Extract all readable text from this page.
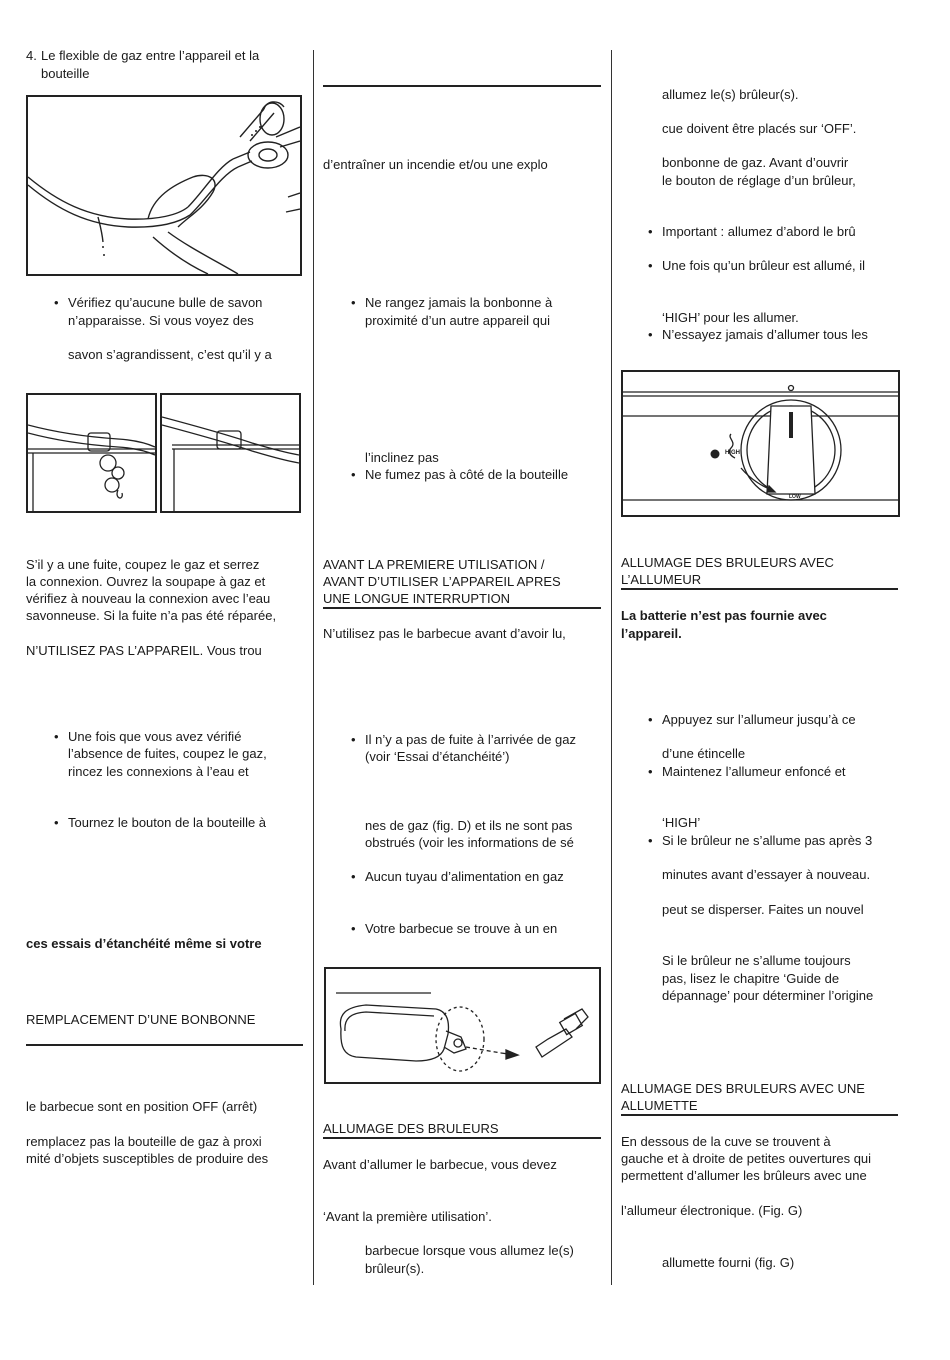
4. Le flexible de gaz entre l’appareil et la
bouteille
• Vérifiez qu’aucune bulle de savon
n’apparaisse. Si vous voyez des
savon s’agrandissent, c’est qu’il y a
S’il y a une fuite, coupez le gaz et serrez
la connexion. Ouvrez la soupape à gaz et
vérifiez à nouveau la connexion avec l’eau
savonneuse. Si la fuite n’a pas été réparée,
N’UTILISEZ PAS L’APPAREIL. Vous trou
• Une fois que vous avez vérifié
l’absence de fuites, coupez le gaz,
rincez les connexions à l’eau et
• Tournez le bouton de la bouteille à
ces essais d’étanchéité même si votre
REMPLACEMENT D’UNE BONBONNE
le barbecue sont en position OFF (arrêt)
remplacez pas la bouteille de gaz à proxi
mité d’objets susceptibles de produire des
d’entraîner un incendie et/ou une explo
• Ne rangez jamais la bonbonne à
proximité d’un autre appareil qui
l’inclinez pas
• Ne fumez pas à côté de la bouteille
AVANT LA PREMIERE UTILISATION /
AVANT D’UTILISER L’APPAREIL APRES
UNE LONGUE INTERRUPTION
N’utilisez pas le barbecue avant d’avoir lu,
• Il n’y a pas de fuite à l’arrivée de gaz
(voir ‘Essai d’étanchéité’)
nes de gaz (fig. D) et ils ne sont pas
obstrués (voir les informations de sé
• Aucun tuyau d’alimentation en gaz
• Votre barbecue se trouve à un en
ALLUMAGE DES BRULEURS
Avant d’allumer le barbecue, vous devez
‘Avant la première utilisation’.
barbecue lorsque vous allumez le(s)
brûleur(s).
allumez le(s) brûleur(s).
cue doivent être placés sur ‘OFF’.
bonbonne de gaz. Avant d’ouvrir
le bouton de réglage d’un brûleur,
• Important : allumez d’abord le brû
• Une fois qu’un brûleur est allumé, il
‘HIGH’ pour les allumer.
• N’essayez jamais d’allumer tous les
HIGH
LOW
ALLUMAGE DES BRULEURS AVEC
L’ALLUMEUR
La batterie n’est pas fournie avec
l’appareil.
• Appuyez sur l’allumeur jusqu’à ce
d’une étincelle
• Maintenez l’allumeur enfoncé et
‘HIGH’
• Si le brûleur ne s’allume pas après 3
minutes avant d’essayer à nouveau.
peut se disperser. Faites un nouvel
Si le brûleur ne s’allume toujours
pas, lisez le chapitre ‘Guide de
dépannage’ pour déterminer l’origine
ALLUMAGE DES BRULEURS AVEC UNE
ALLUMETTE
En dessous de la cuve se trouvent à
gauche et à droite de petites ouvertures qui
permettent d’allumer les brûleurs avec une
l’allumeur électronique. (Fig. G)
allumette fourni (fig. G)
